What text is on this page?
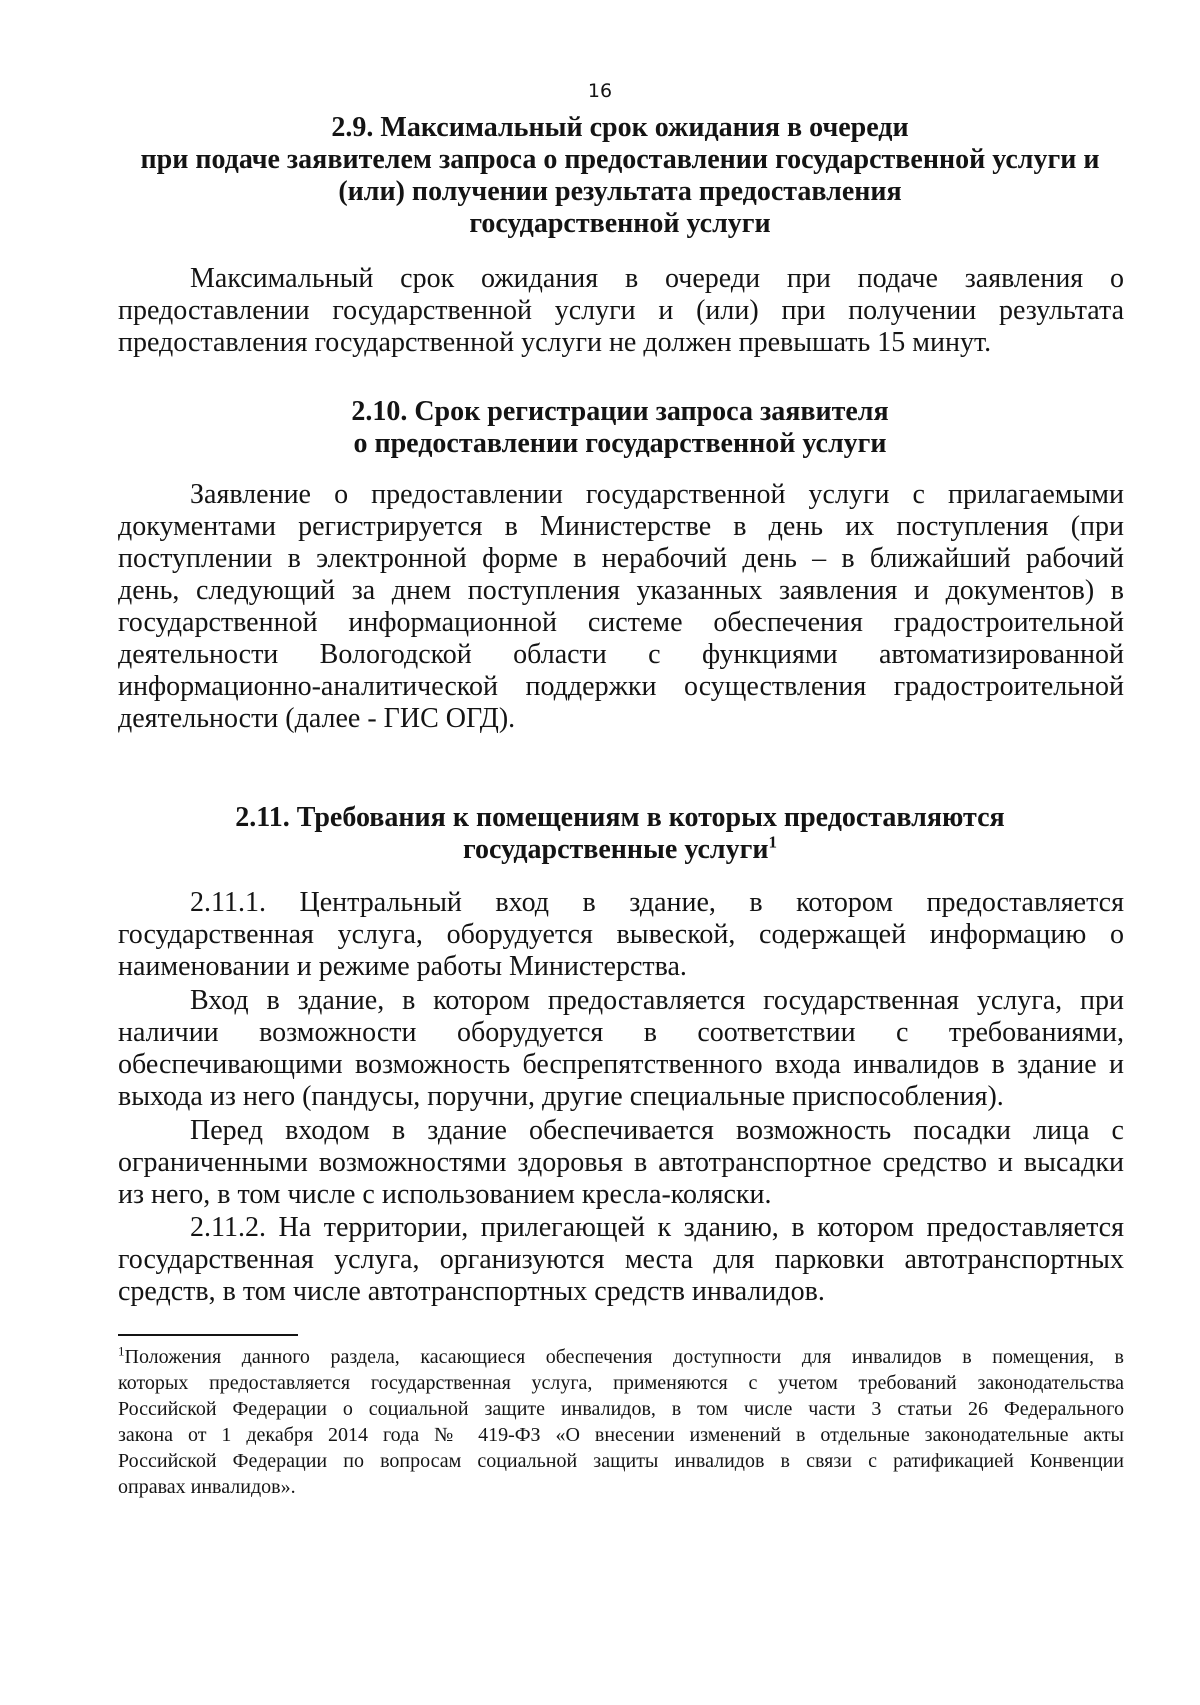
16
2.9. Максимальный срок ожидания в очереди
при подаче заявителем запроса о предоставлении государственной услуги и
(или) получении результата предоставления
государственной услуги

Максимальный срок ожидания в очереди при подаче заявления о
предоставлении государственной услуги и (или) при получении результата
предоставления государственной услуги не должен превышать 15 минут.

2.10. Срок регистрации запроса заявителя
о предоставлении государственной услуги

Заявление о предоставлении государственной услуги с прилагаемыми
документами регистрируется в Министерстве в день их поступления (при
поступлении в электронной форме в нерабочий день – в ближайший рабочий
день, следующий за днем поступления указанных заявления и документов) в
государственной информационной системе обеспечения градостроительной
деятельности Вологодской области с функциями автоматизированной
информационно-аналитической поддержки осуществления градостроительной
деятельности (далее - ГИС ОГД).

2.11. Требования к помещениям в которых предоставляются
государственные услуги$^1$

2.11.1. Центральный вход в здание, в котором предоставляется
государственная услуга, оборудуется вывеской, содержащей информацию о
наименовании и режиме работы Министерства.

Вход в здание, в котором предоставляется государственная услуга, при
наличии возможности оборудуется в соответствии с требованиями,
обеспечивающими возможность беспрепятственного входа инвалидов в здание и
выхода из него (пандусы, поручни, другие специальные приспособления).

Перед входом в здание обеспечивается возможность посадки лица с
ограниченными возможностями здоровья в автотранспортное средство и высадки
из него, в том числе с использованием кресла-коляски.

2.11.2. На территории, прилегающей к зданию, в котором предоставляется
государственная услуга, организуются места для парковки автотранспортных
средств, в том числе автотранспортных средств инвалидов.

$^1$Положения данного раздела, касающиеся обеспечения доступности для инвалидов в помещения, в
которых предоставляется государственная услуга, применяются с учетом требований законодательства
Российской Федерации о социальной защите инвалидов, в том числе части 3 статьи 26 Федерального
закона от 1 декабря 2014 года № 419-ФЗ «О внесении изменений в отдельные законодательные акты
Российской Федерации по вопросам социальной защиты инвалидов в связи с ратификацией Конвенции
оправах инвалидов».
